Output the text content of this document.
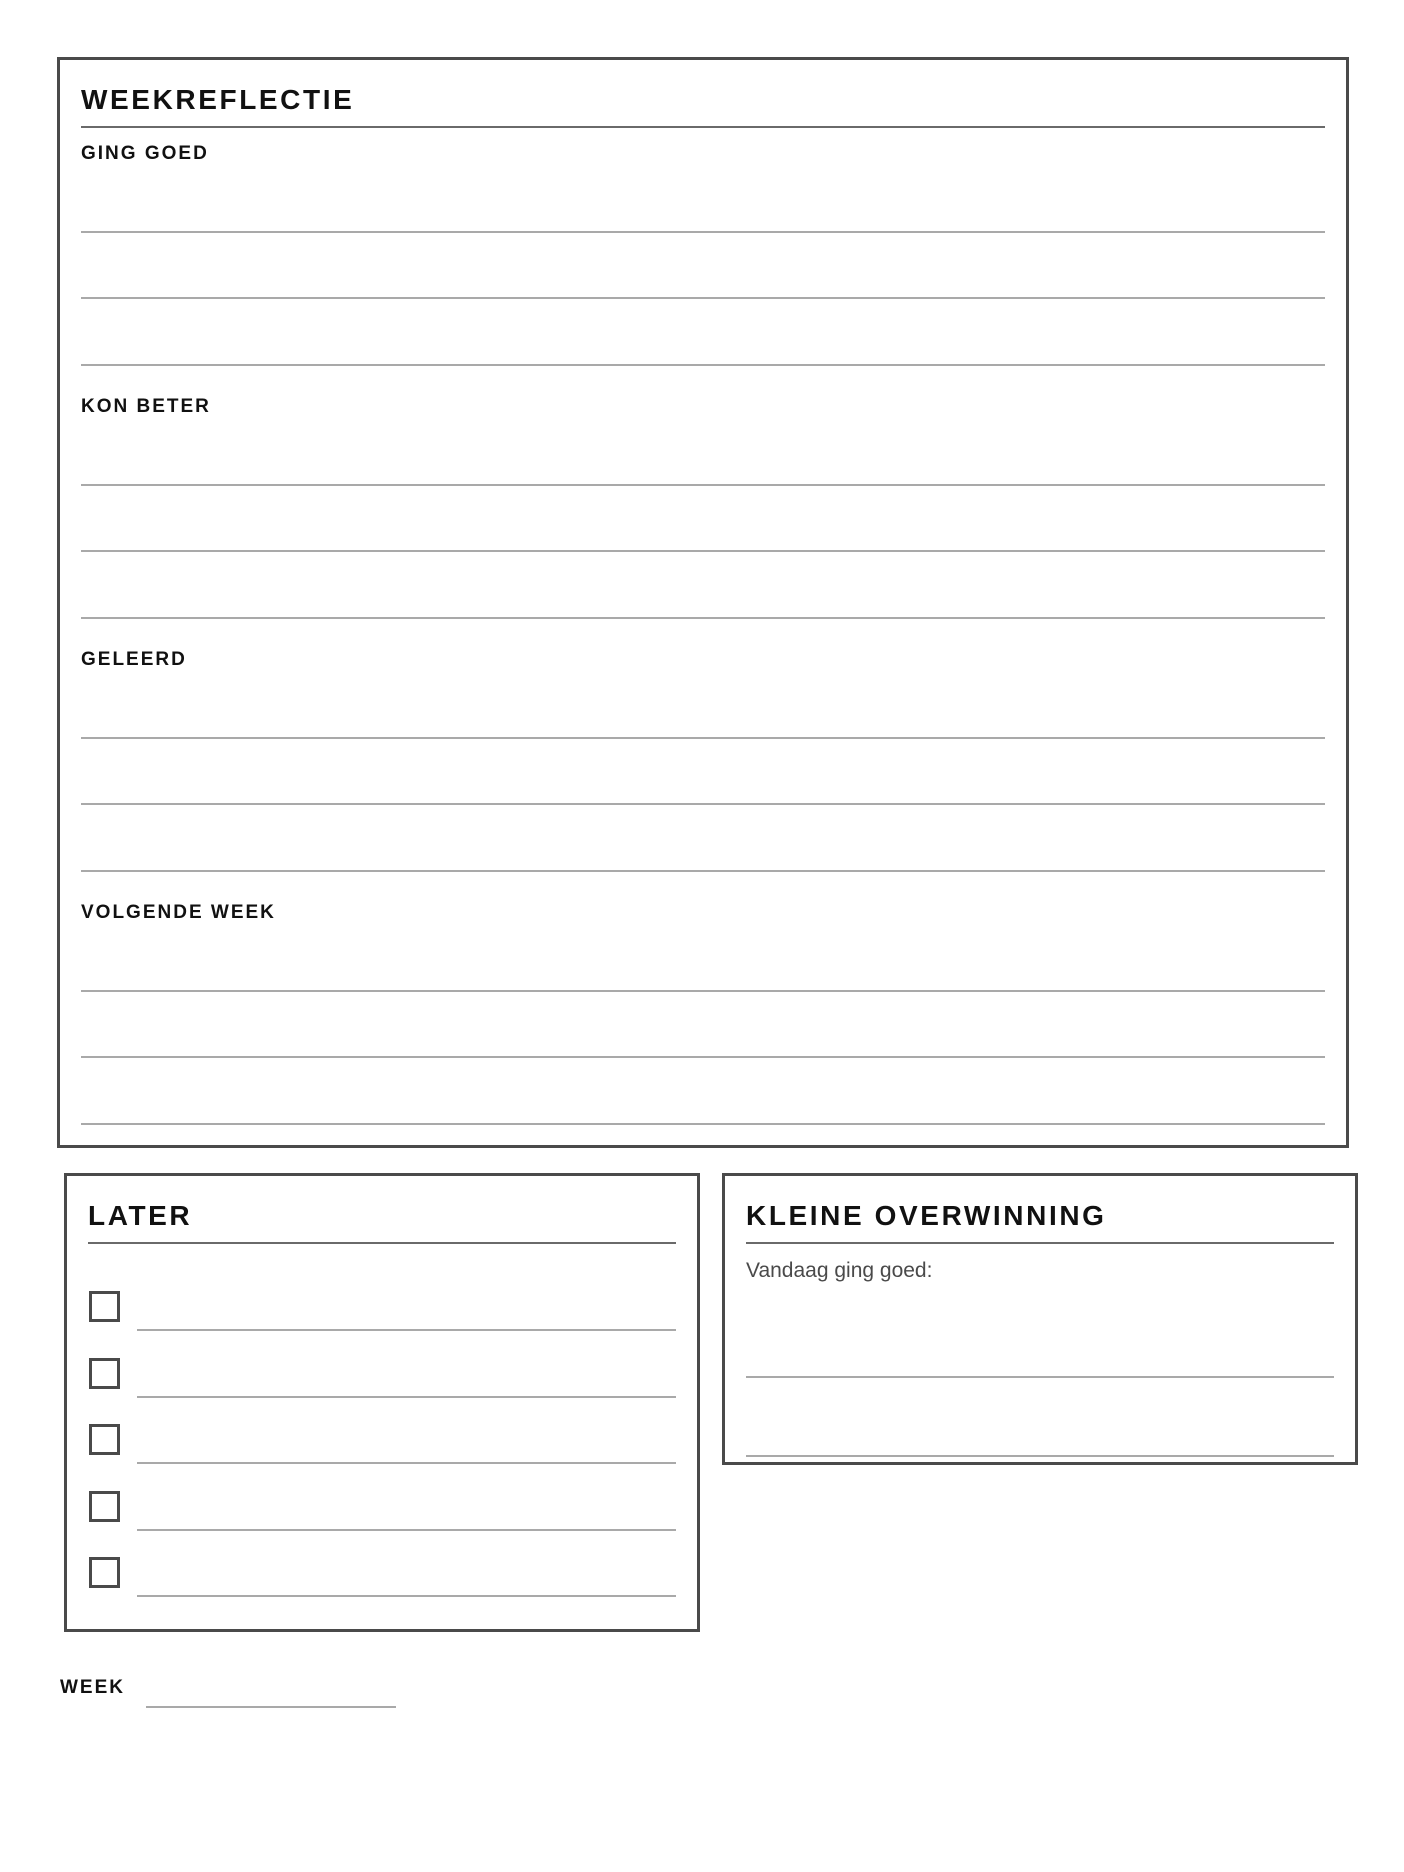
WEEKREFLECTIE
GING GOED
KON BETER
GELEERD
VOLGENDE WEEK
LATER	KLEINE OVERWINNING
Vandaag ging goed:
WEEK
